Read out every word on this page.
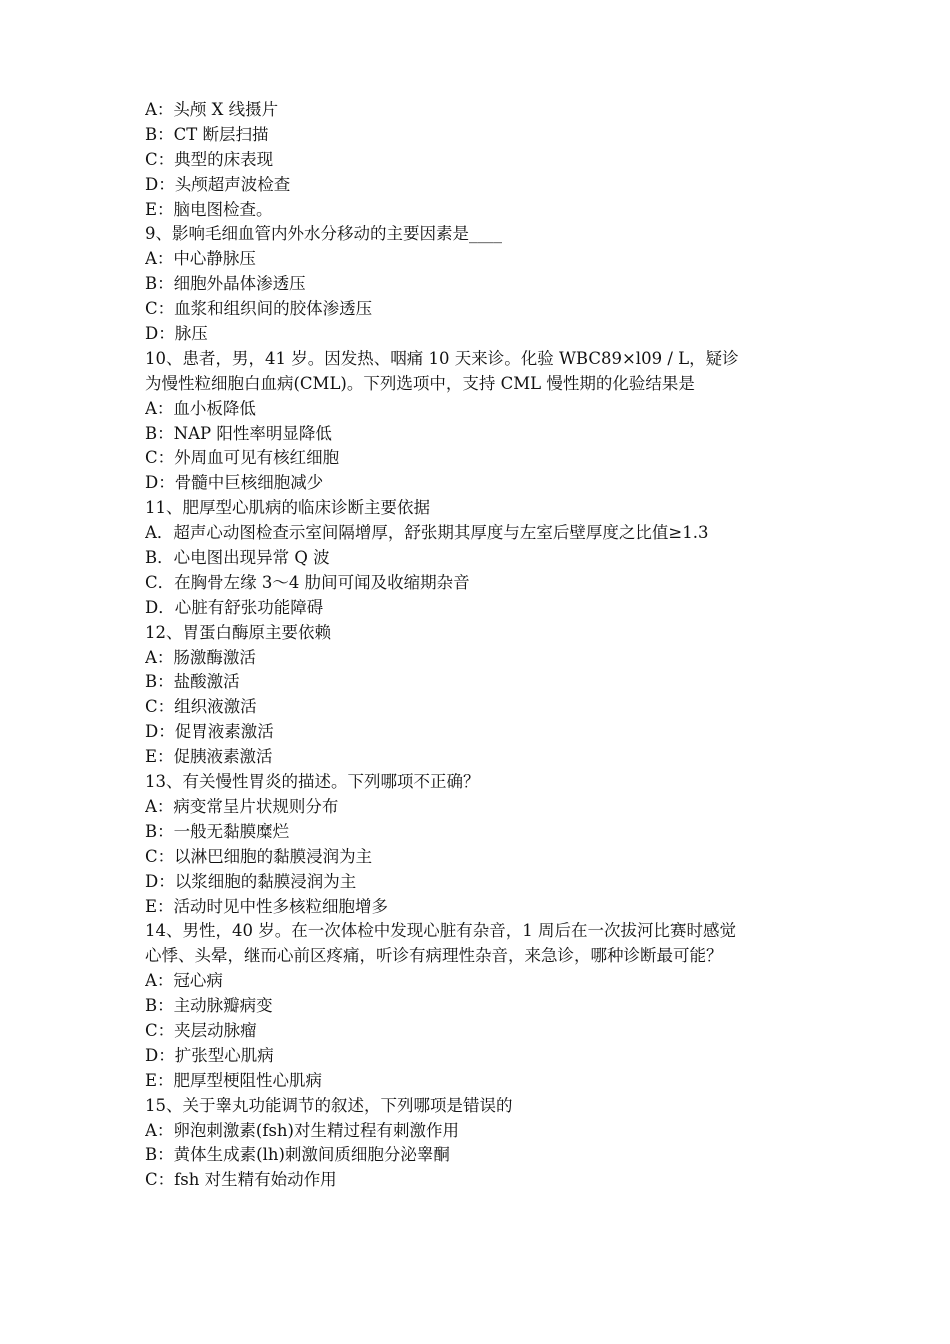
A：头颅 X 线摄片
B：CT 断层扫描
C：典型的床表现
D：头颅超声波检查
E：脑电图检查。
9、影响毛细血管内外水分移动的主要因素是____
A：中心静脉压
B：细胞外晶体渗透压
C：血浆和组织间的胶体渗透压
D：脉压
10、患者，男，41 岁。因发热、咽痛 10 天来诊。化验 WBC89×l09 / L，疑诊
为慢性粒细胞白血病(CML)。下列选项中，支持 CML 慢性期的化验结果是
A：血小板降低
B：NAP 阳性率明显降低
C：外周血可见有核红细胞
D：骨髓中巨核细胞减少
11、肥厚型心肌病的临床诊断主要依据
A．超声心动图检查示室间隔增厚，舒张期其厚度与左室后壁厚度之比值≥1.3
B．心电图出现异常 Q 波
C．在胸骨左缘 3～4 肋间可闻及收缩期杂音
D．心脏有舒张功能障碍
12、胃蛋白酶原主要依赖
A：肠激酶激活
B：盐酸激活
C：组织液激活
D：促胃液素激活
E：促胰液素激活
13、有关慢性胃炎的描述。下列哪项不正确？
A：病变常呈片状规则分布
B：一般无黏膜糜烂
C：以淋巴细胞的黏膜浸润为主
D：以浆细胞的黏膜浸润为主
E：活动时见中性多核粒细胞增多
14、男性，40 岁。在一次体检中发现心脏有杂音，1 周后在一次拔河比赛时感觉
心悸、头晕，继而心前区疼痛，听诊有病理性杂音，来急诊，哪种诊断最可能？
A：冠心病
B：主动脉瓣病变
C：夹层动脉瘤
D：扩张型心肌病
E：肥厚型梗阻性心肌病
15、关于睾丸功能调节的叙述，下列哪项是错误的
A：卵泡刺激素(fsh)对生精过程有刺激作用
B：黄体生成素(lh)刺激间质细胞分泌睾酮
C：fsh 对生精有始动作用
